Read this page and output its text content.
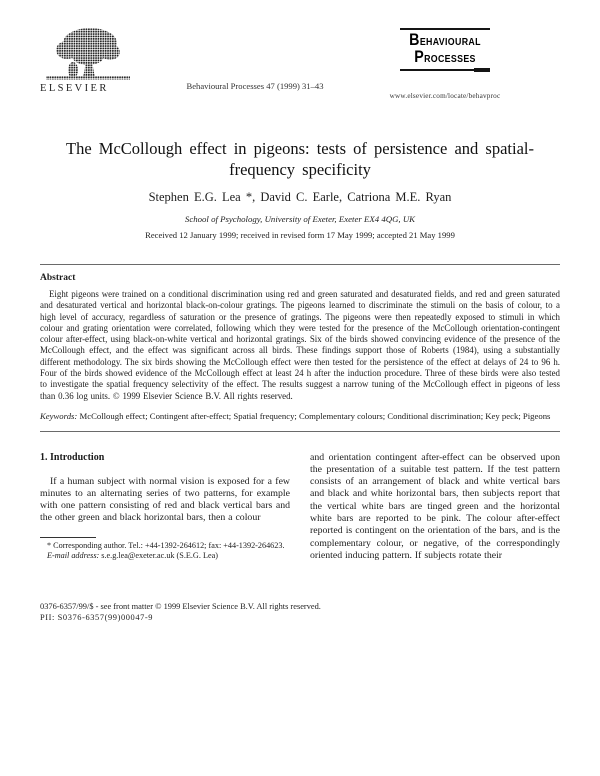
ELSEVIER	Behavioural Processes 47 (1999) 31–43
BEHAVIOURAL
PROCESSES
www.elsevier.com/locate/behavproc
The McCollough effect in pigeons: tests of persistence and spatial-frequency specificity
Stephen E.G. Lea *, David C. Earle, Catriona M.E. Ryan
School of Psychology, University of Exeter, Exeter EX4 4QG, UK
Received 12 January 1999; received in revised form 17 May 1999; accepted 21 May 1999
Abstract

Eight pigeons were trained on a conditional discrimination using red and green saturated and desaturated fields, and red and green saturated and desaturated vertical and horizontal black-on-colour gratings. The pigeons learned to discriminate the stimuli on the basis of colour, to a high level of accuracy, regardless of saturation or the presence of gratings. The pigeons were then repeatedly exposed to stimuli in which colour and grating orientation were correlated, following which they were tested for the presence of the McCollough orientation-contingent colour after-effect, using black-on-white vertical and horizontal gratings. Six of the birds showed convincing evidence of the presence of the McCollough effect, and the effect was significant across all birds. These findings support those of Roberts (1984), using a substantially different methodology. The six birds showing the McCollough effect were then tested for the persistence of the effect at delays of 24 to 96 h. Four of the birds showed evidence of the McCollough effect at least 24 h after the induction procedure. Three of these birds were also tested to investigate the spatial frequency selectivity of the effect. The results suggest a narrow tuning of the McCollough effect in pigeons of less than 0.36 log units. © 1999 Elsevier Science B.V. All rights reserved.

Keywords: McCollough effect; Contingent after-effect; Spatial frequency; Complementary colours; Conditional discrimination; Key peck; Pigeons

1. Introduction

If a human subject with normal vision is exposed for a few minutes to an alternating series of two patterns, for example with one pattern consisting of red and black vertical bars and the other green and black horizontal bars, then a colour

* Corresponding author. Tel.: +44-1392-264612; fax: +44-1392-264623.

E-mail address: s.e.g.lea@exeter.ac.uk (S.E.G. Lea)

and orientation contingent after-effect can be observed upon the presentation of a suitable test pattern. If the test pattern consists of an arrangement of black and white vertical bars and black and white horizontal bars, then subjects report that the vertical white bars are tinged green and the horizontal white bars are reported to be pink. The colour after-effect reported is contingent on the orientation of the bars, and is the complementary colour, or negative, of the correspondingly oriented inducing pattern. If subjects rotate their

0376-6357/99/$ - see front matter © 1999 Elsevier Science B.V. All rights reserved.
PII: S0376-6357(99)00047-9
